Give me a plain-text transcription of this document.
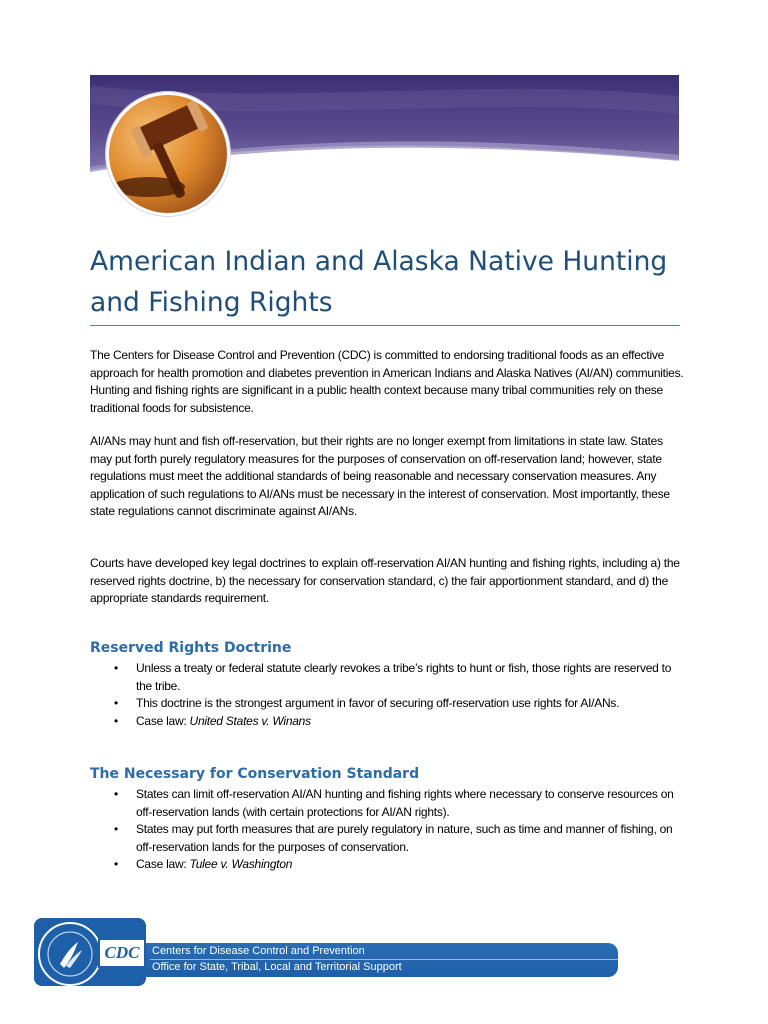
American Indian and Alaska Native Hunting and Fishing Rights

The Centers for Disease Control and Prevention (CDC) is committed to endorsing traditional foods as an effective approach for health promotion and diabetes prevention in American Indians and Alaska Natives (AI/AN) communities. Hunting and fishing rights are significant in a public health context because many tribal communities rely on these traditional foods for subsistence.

AI/ANs may hunt and fish off-reservation, but their rights are no longer exempt from limitations in state law. States may put forth purely regulatory measures for the purposes of conservation on off-reservation land; however, state regulations must meet the additional standards of being reasonable and necessary conservation measures. Any application of such regulations to AI/ANs must be necessary in the interest of conservation. Most importantly, these state regulations cannot discriminate against AI/ANs.

Courts have developed key legal doctrines to explain off-reservation AI/AN hunting and fishing rights, including a) the reserved rights doctrine, b) the necessary for conservation standard, c) the fair apportionment standard, and d) the appropriate standards requirement.

Reserved Rights Doctrine
• Unless a treaty or federal statute clearly revokes a tribe’s rights to hunt or fish, those rights are reserved to the tribe.
• This doctrine is the strongest argument in favor of securing off-reservation use rights for AI/ANs.
• Case law: United States v. Winans
The Necessary for Conservation Standard
• States can limit off-reservation AI/AN hunting and fishing rights where necessary to conserve resources on off-reservation lands (with certain protections for AI/AN rights).
• States may put forth measures that are purely regulatory in nature, such as time and manner of fishing, on off-reservation lands for the purposes of conservation.
• Case law: Tulee v. Washington
CDC	Centers for Disease Control and Prevention
Office for State, Tribal, Local and Territorial Support
